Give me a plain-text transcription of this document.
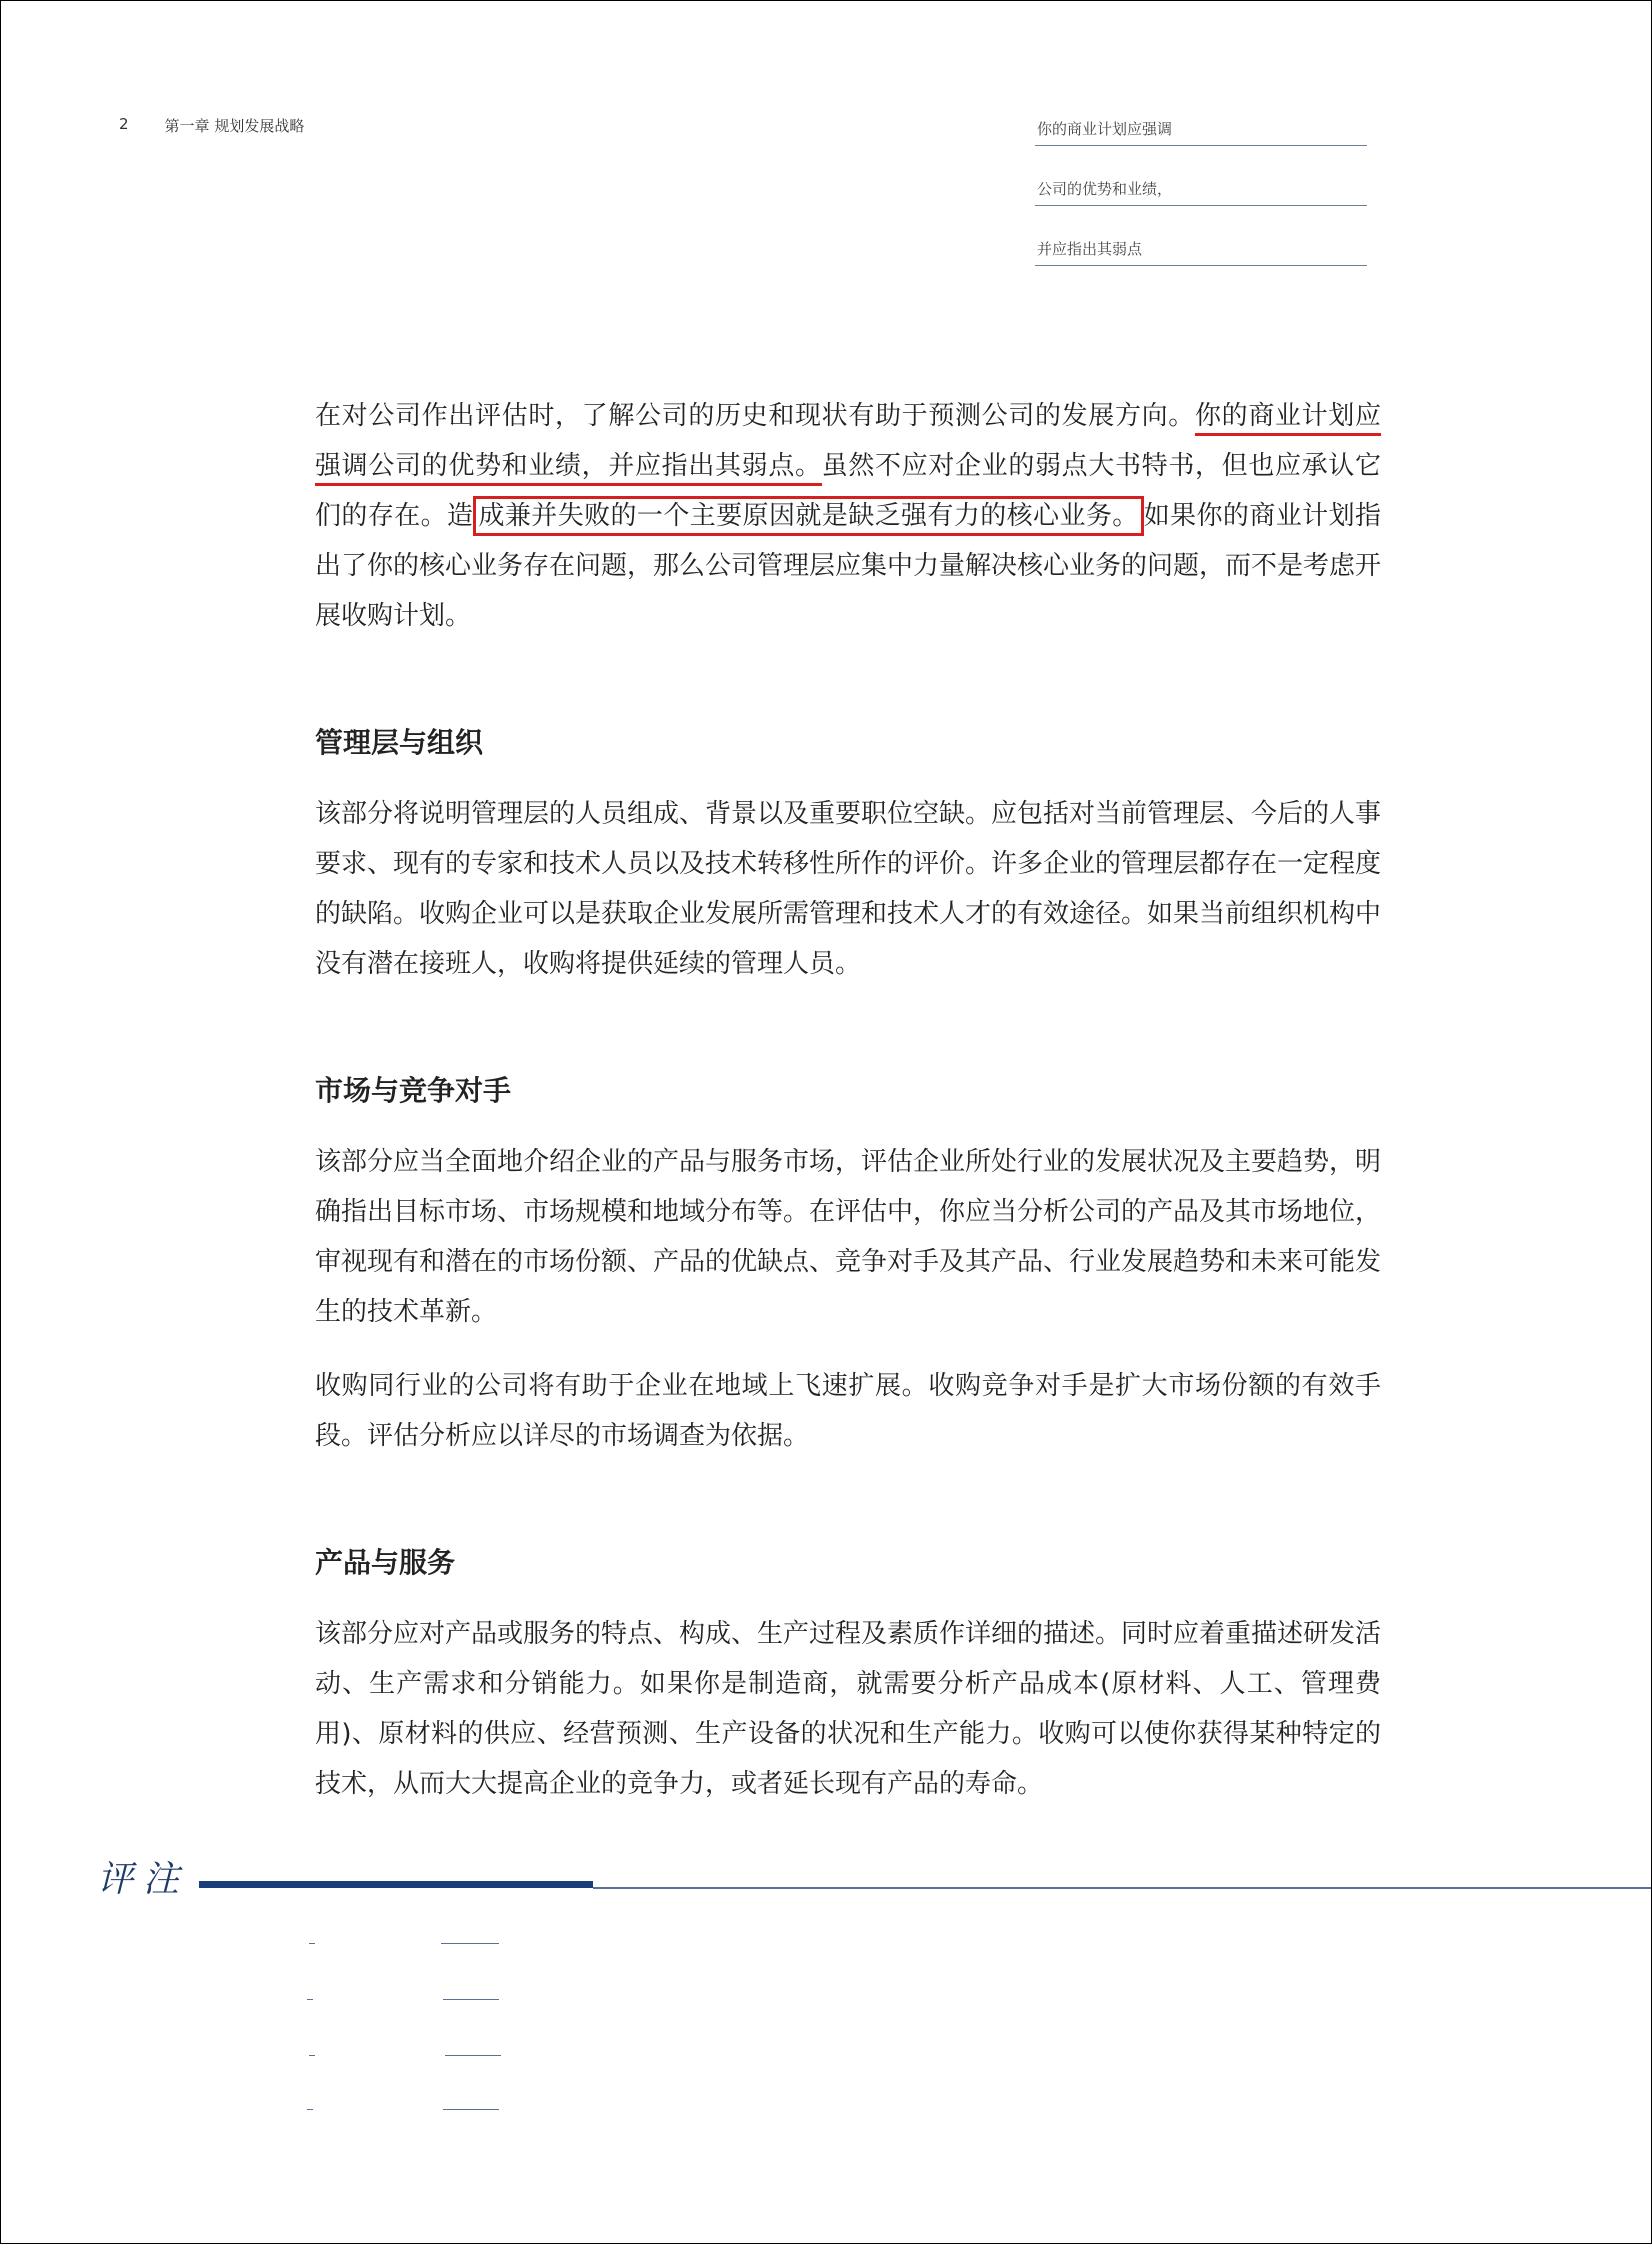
2 第一章 规划发展战略	你的商业计划应强调
公司的优势和业绩，
并应指出其弱点

在对公司作出评估时，了解公司的历史和现状有助于预测公司的发展方向。你的商业计划应强调公司的优势和业绩，并应指出其弱点。虽然不应对企业的弱点大书特书，但也应承认它们的存在。造 成兼并失败的一个主要原因就是缺乏强有力的核心业务。 如果你的商业计划指出了你的核心业务存在问题，那么公司管理层应集中力量解决核心业务的问题，而不是考虑开展收购计划。

管理层与组织

该部分将说明管理层的人员组成、背景以及重要职位空缺。应包括对当前管理层、今后的人事要求、现有的专家和技术人员以及技术转移性所作的评价。许多企业的管理层都存在一定程度的缺陷。收购企业可以是获取企业发展所需管理和技术人才的有效途径。如果当前组织机构中没有潜在接班人，收购将提供延续的管理人员。

市场与竞争对手

该部分应当全面地介绍企业的产品与服务市场，评估企业所处行业的发展状况及主要趋势，明确指出目标市场、市场规模和地域分布等。在评估中，你应当分析公司的产品及其市场地位，审视现有和潜在的市场份额、产品的优缺点、竞争对手及其产品、行业发展趋势和未来可能发生的技术革新。

收购同行业的公司将有助于企业在地域上飞速扩展。收购竞争对手是扩大市场份额的有效手段。评估分析应以详尽的市场调查为依据。

产品与服务

该部分应对产品或服务的特点、构成、生产过程及素质作详细的描述。同时应着重描述研发活动、生产需求和分销能力。如果你是制造商，就需要分析产品成本(原材料、人工、管理费用)、原材料的供应、经营预测、生产设备的状况和生产能力。收购可以使你获得某种特定的技术，从而大大提高企业的竞争力，或者延长现有产品的寿命。

评注
